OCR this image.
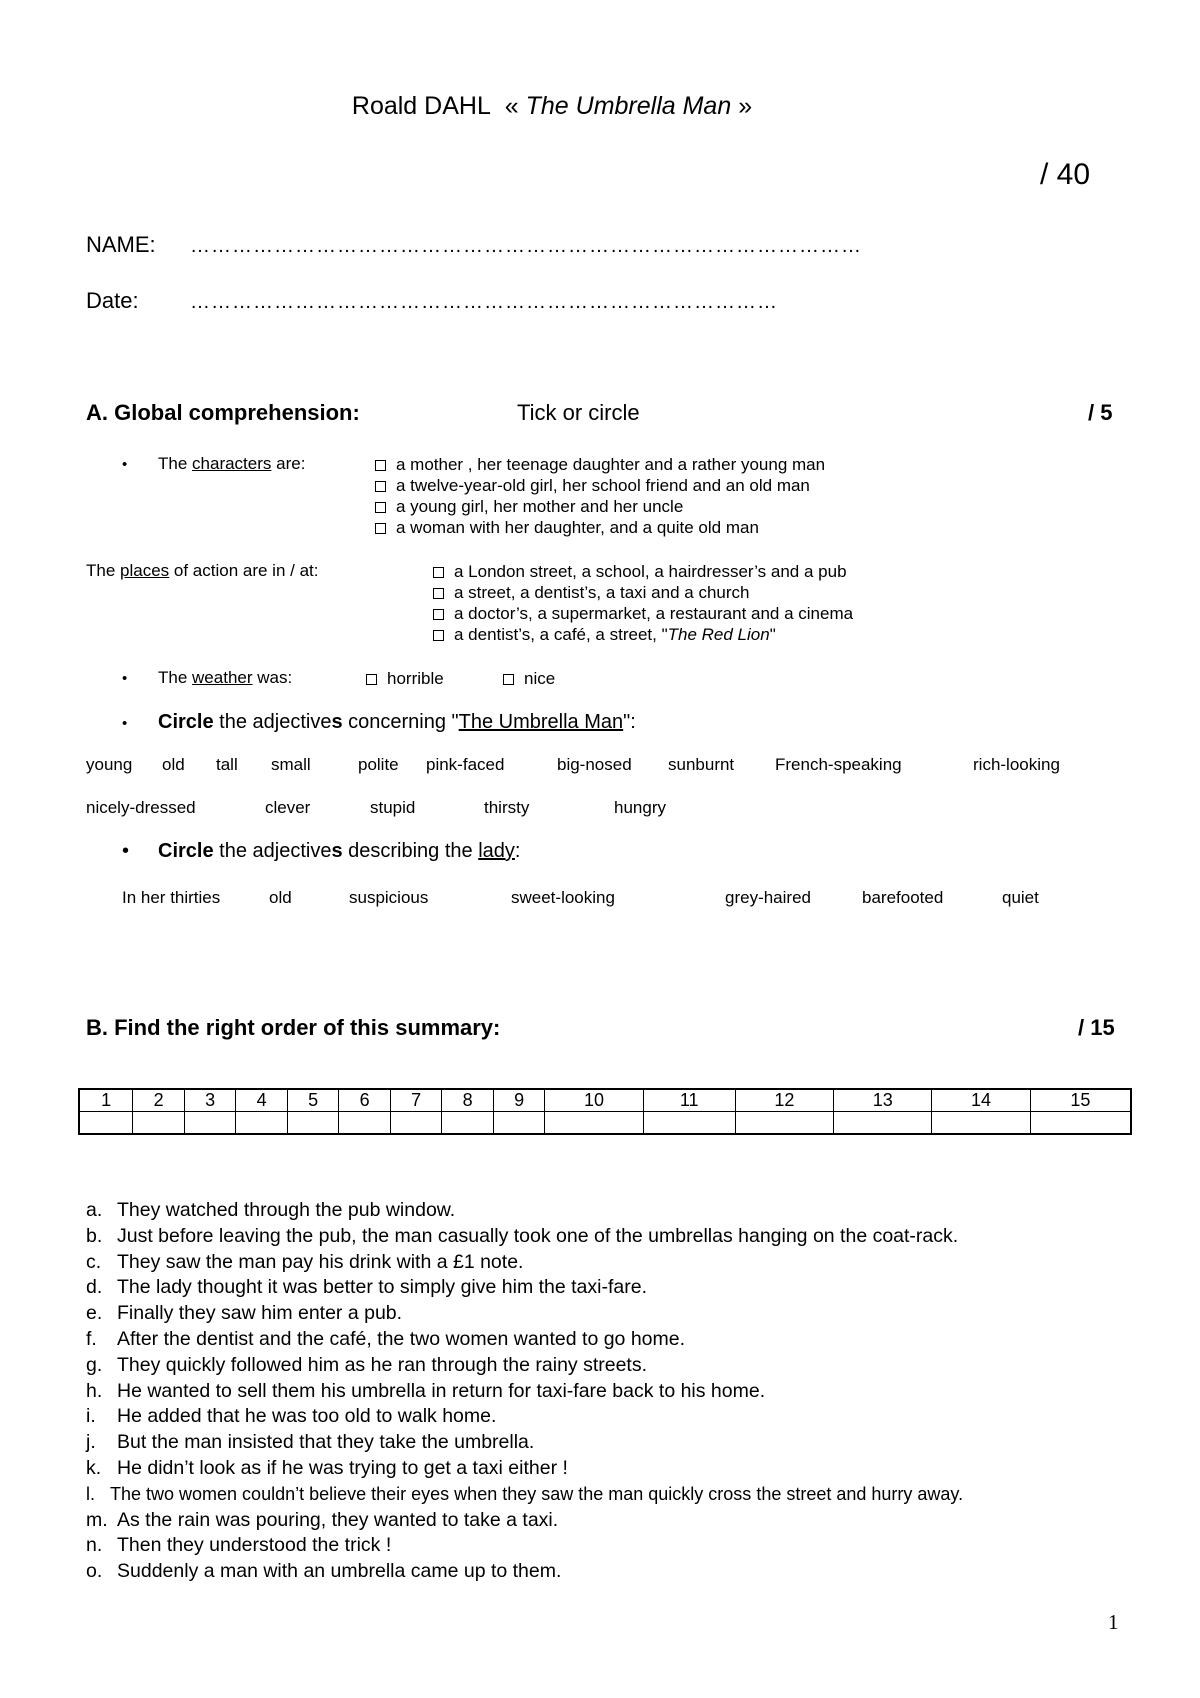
Roald DAHL « The Umbrella Man »
/ 40
NAME: ……………………………………………………………………………………
Date:	…………………………………………………………………………
A. Global comprehension:	Tick or circle	/ 5
• The characters are:	a mother , her teenage daughter and a rather young man
a twelve-year-old girl, her school friend and an old man
a young girl, her mother and her uncle
a woman with her daughter, and a quite old man
The places of action are in / at:	a London street, a school, a hairdresser’s and a pub
a street, a dentist’s, a taxi and a church
a doctor’s, a supermarket, a restaurant and a cinema
a dentist’s, a café, a street, "The Red Lion"
• The weather was:	horrible	nice
• Circle the adjectives concerning "The Umbrella Man":
young old tall small	polite pink-faced	big-nosed sunburnt French-speaking	rich-looking
nicely-dressed	clever	stupid	thirsty	hungry
• Circle the adjectives describing the lady:
In her thirties	old	suspicious	sweet-looking	grey-haired	barefooted	quiet
B. Find the right order of this summary:	/ 15
1	2	3	4	5	6	7	8	9	10	11	12	13	14	15

a. They watched through the pub window.
b. Just before leaving the pub, the man casually took one of the umbrellas hanging on the coat-rack.
c. They saw the man pay his drink with a £1 note.
d. The lady thought it was better to simply give him the taxi-fare.
e. Finally they saw him enter a pub.
f. After the dentist and the café, the two women wanted to go home.
g. They quickly followed him as he ran through the rainy streets.
h. He wanted to sell them his umbrella in return for taxi-fare back to his home.
i. He added that he was too old to walk home.
j. But the man insisted that they take the umbrella.
k. He didn’t look as if he was trying to get a taxi either !
l. The two women couldn’t believe their eyes when they saw the man quickly cross the street and hurry away.
m. As the rain was pouring, they wanted to take a taxi.
n. Then they understood the trick !
o. Suddenly a man with an umbrella came up to them.
1
